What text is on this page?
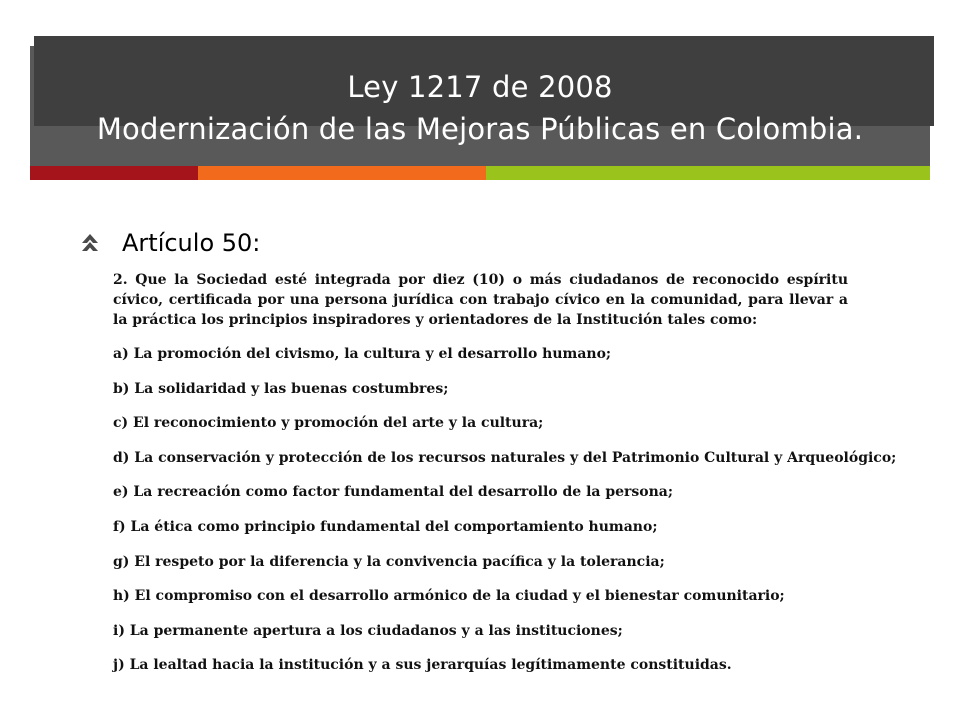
Ley 1217 de 2008
Modernización de las Mejoras Públicas en Colombia.
Artículo 50:

2. Que la Sociedad esté integrada por diez (10) o más ciudadanos de reconocido espíritu cívico, certificada por una persona jurídica con trabajo cívico en la comunidad, para llevar a la práctica los principios inspiradores y orientadores de la Institución tales como:

a) La promoción del civismo, la cultura y el desarrollo humano;

b) La solidaridad y las buenas costumbres;

c) El reconocimiento y promoción del arte y la cultura;

d) La conservación y protección de los recursos naturales y del Patrimonio Cultural y Arqueológico;

e) La recreación como factor fundamental del desarrollo de la persona;

f) La ética como principio fundamental del comportamiento humano;

g) El respeto por la diferencia y la convivencia pacífica y la tolerancia;

h) El compromiso con el desarrollo armónico de la ciudad y el bienestar comunitario;

i) La permanente apertura a los ciudadanos y a las instituciones;

j) La lealtad hacia la institución y a sus jerarquías legítimamente constituidas.
